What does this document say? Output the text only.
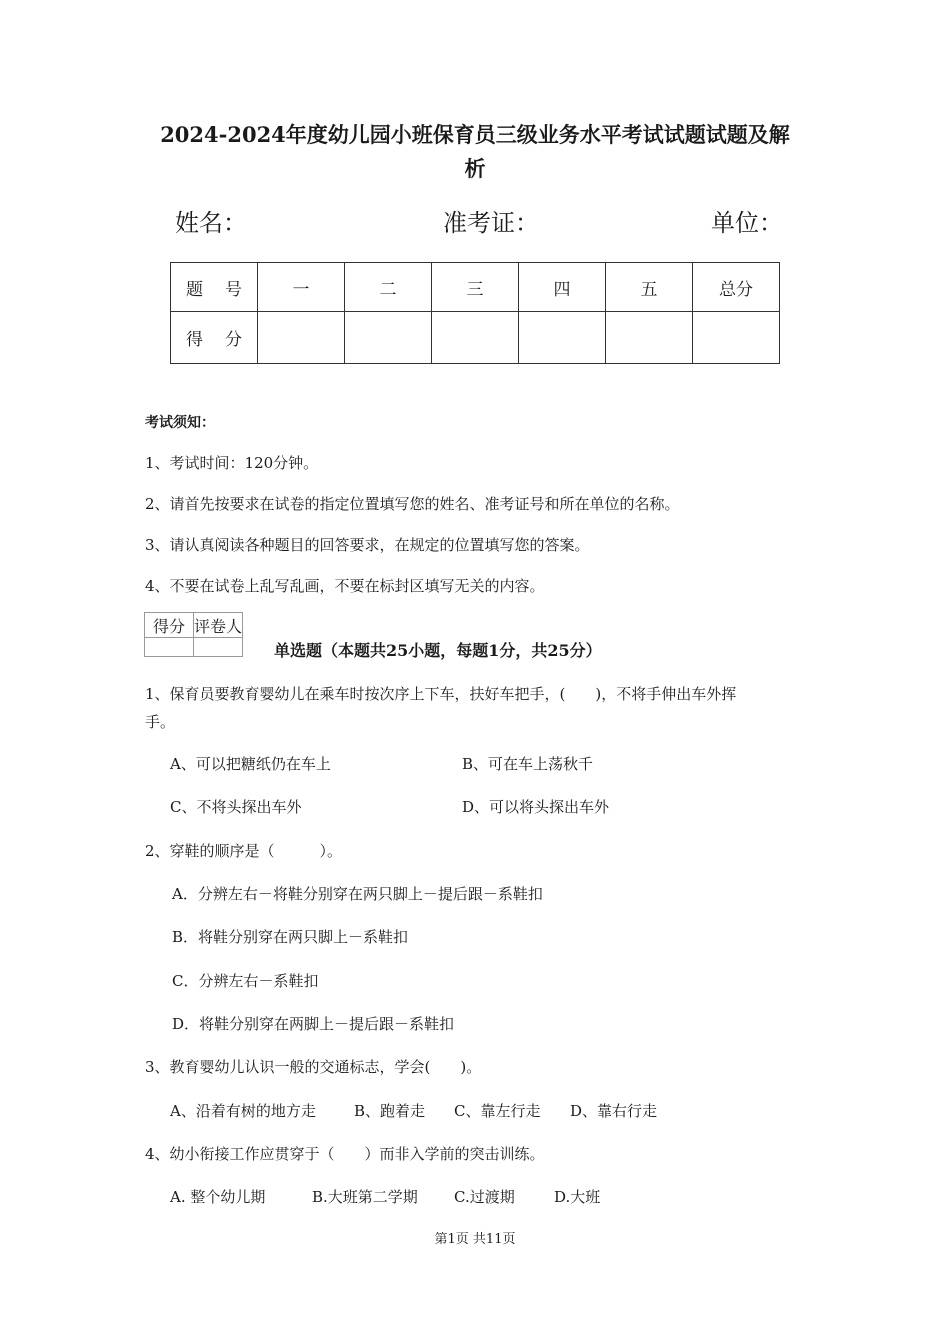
2024-2024年度幼儿园小班保育员三级业务水平考试试题试题及解
析
姓名：	准考证：	单位：
题 号	一	二	三	四	五	总分
得 分						
考试须知：
1、考试时间：120分钟。
2、请首先按要求在试卷的指定位置填写您的姓名、准考证号和所在单位的名称。
3、请认真阅读各种题目的回答要求，在规定的位置填写您的答案。
4、不要在试卷上乱写乱画，不要在标封区填写无关的内容。
得分	评卷人

单选题（本题共25小题，每题1分，共25分）
1、保育员要教育婴幼儿在乘车时按次序上下车，扶好车把手，(　　)，不将手伸出车外挥
手。
A、可以把糖纸仍在车上	B、可在车上荡秋千
C、不将头探出车外	D、可以将头探出车外
2、穿鞋的顺序是（　　　）。
A．分辨左右－将鞋分别穿在两只脚上－提后跟－系鞋扣
B．将鞋分别穿在两只脚上－系鞋扣
C．分辨左右－系鞋扣
D．将鞋分别穿在两脚上－提后跟－系鞋扣
3、教育婴幼儿认识一般的交通标志，学会(　　)。
A、沿着有树的地方走	B、跑着走 C、靠左行走 D、靠右行走
4、幼小衔接工作应贯穿于（　　）而非入学前的突击训练。
A. 整个幼儿期	B.大班第二学期 C.过渡期	D.大班
第1页 共11页
